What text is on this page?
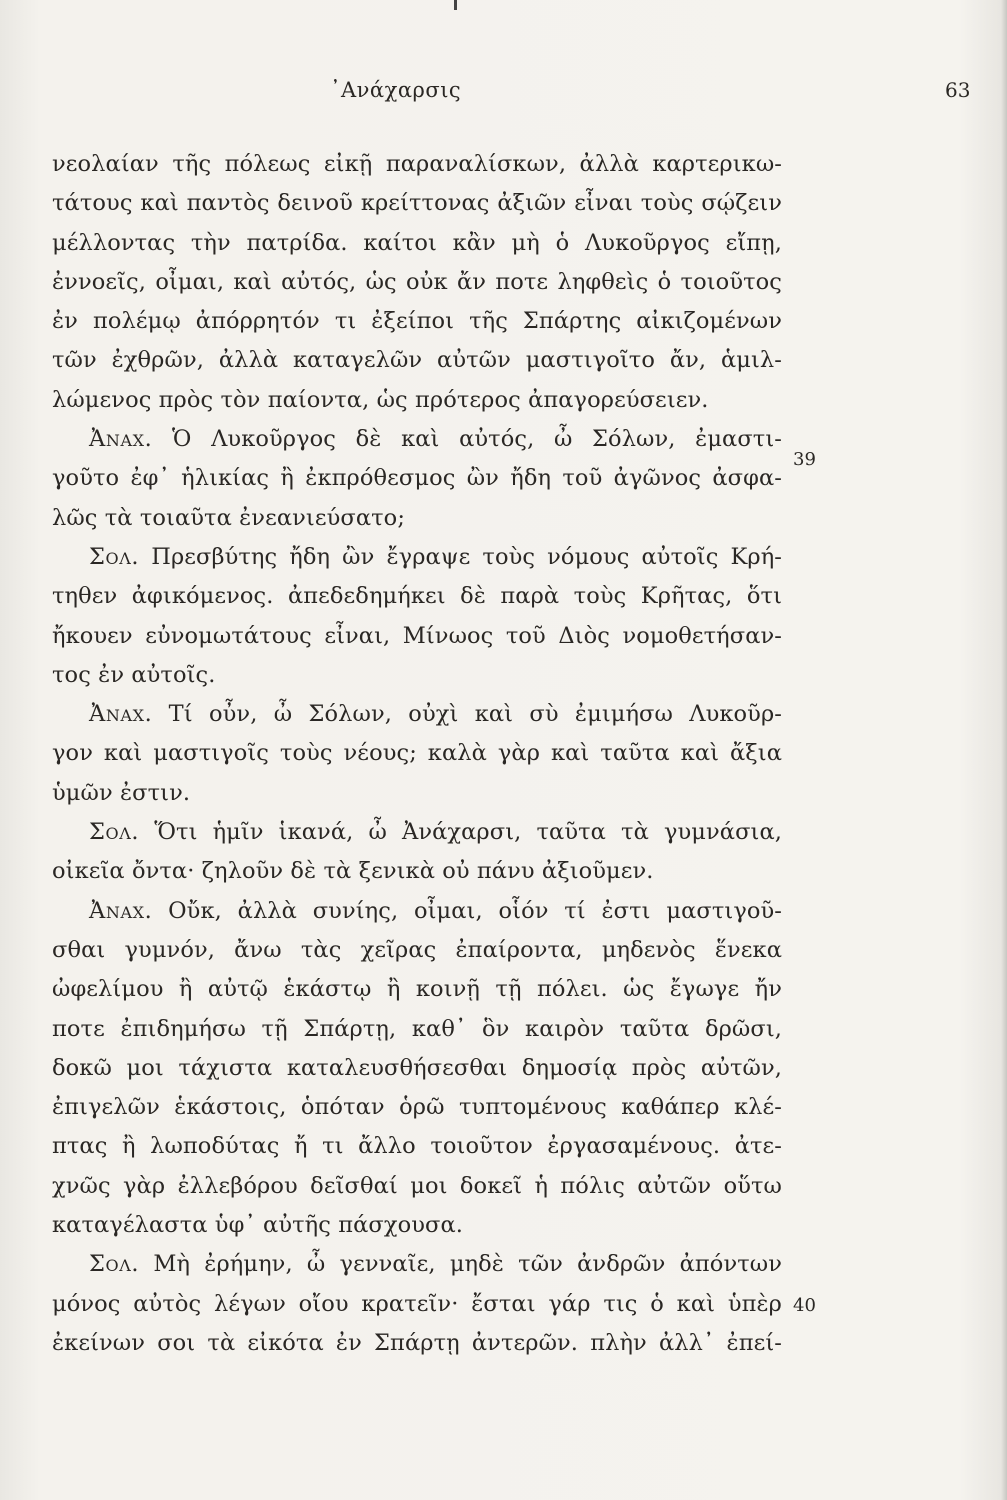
᾽Ανάχαρσις	63
νεολαίαν τῆς πόλεως εἰκῇ παραναλίσκων, ἀλλὰ καρτερικω-
τάτους καὶ παντὸς δεινοῦ κρείττονας ἀξιῶν εἶναι τοὺς σῴζειν
μέλλοντας τὴν πατρίδα. καίτοι κἂν μὴ ὁ Λυκοῦργος εἴπῃ,
ἐννοεῖς, οἶμαι, καὶ αὐτός, ὡς οὐκ ἄν ποτε ληφθεὶς ὁ τοιοῦτος
ἐν πολέμῳ ἀπόρρητόν τι ἐξείποι τῆς Σπάρτης αἰκιζομένων
τῶν ἐχθρῶν, ἀλλὰ καταγελῶν αὐτῶν μαστιγοῖτο ἄν, ἁμιλ-
λώμενος πρὸς τὸν παίοντα, ὡς πρότερος ἀπαγορεύσειεν.
Ἀναχ. Ὁ Λυκοῦργος δὲ καὶ αὐτός, ὦ Σόλων, ἐμαστι-
γοῦτο ἐφ᾽ ἡλικίας ἢ ἐκπρόθεσμος ὢν ἤδη τοῦ ἀγῶνος ἀσφα-
λῶς τὰ τοιαῦτα ἐνεανιεύσατο;
Σολ. Πρεσβύτης ἤδη ὢν ἔγραψε τοὺς νόμους αὐτοῖς Κρή-
τηθεν ἀφικόμενος. ἀπεδεδημήκει δὲ παρὰ τοὺς Κρῆτας, ὅτι
ἤκουεν εὐνομωτάτους εἶναι, Μίνωος τοῦ Διὸς νομοθετήσαν-
τος ἐν αὐτοῖς.
Ἀναχ. Τί οὖν, ὦ Σόλων, οὐχὶ καὶ σὺ ἐμιμήσω Λυκοῦρ-
γον καὶ μαστιγοῖς τοὺς νέους; καλὰ γὰρ καὶ ταῦτα καὶ ἄξια
ὑμῶν ἐστιν.
Σολ. Ὅτι ἡμῖν ἱκανά, ὦ Ἀνάχαρσι, ταῦτα τὰ γυμνάσια,
οἰκεῖα ὄντα· ζηλοῦν δὲ τὰ ξενικὰ οὐ πάνυ ἀξιοῦμεν.
Ἀναχ. Οὔκ, ἀλλὰ συνίης, οἶμαι, οἷόν τί ἐστι μαστιγοῦ-
σθαι γυμνόν, ἄνω τὰς χεῖρας ἐπαίροντα, μηδενὸς ἕνεκα
ὠφελίμου ἢ αὐτῷ ἑκάστῳ ἢ κοινῇ τῇ πόλει. ὡς ἔγωγε ἤν
ποτε ἐπιδημήσω τῇ Σπάρτῃ, καθ᾽ ὃν καιρὸν ταῦτα δρῶσι,
δοκῶ μοι τάχιστα καταλευσθήσεσθαι δημοσίᾳ πρὸς αὐτῶν,
ἐπιγελῶν ἑκάστοις, ὁπόταν ὁρῶ τυπτομένους καθάπερ κλέ-
πτας ἢ λωποδύτας ἤ τι ἄλλο τοιοῦτον ἐργασαμένους. ἀτε-
χνῶς γὰρ ἐλλεβόρου δεῖσθαί μοι δοκεῖ ἡ πόλις αὐτῶν οὕτω
καταγέλαστα ὑφ᾽ αὐτῆς πάσχουσα.
Σολ. Μὴ ἐρήμην, ὦ γενναῖε, μηδὲ τῶν ἀνδρῶν ἀπόντων
μόνος αὐτὸς λέγων οἴου κρατεῖν· ἔσται γάρ τις ὁ καὶ ὑπὲρ
ἐκείνων σοι τὰ εἰκότα ἐν Σπάρτῃ ἀντερῶν. πλὴν ἀλλ᾽ ἐπεί-
39
40
